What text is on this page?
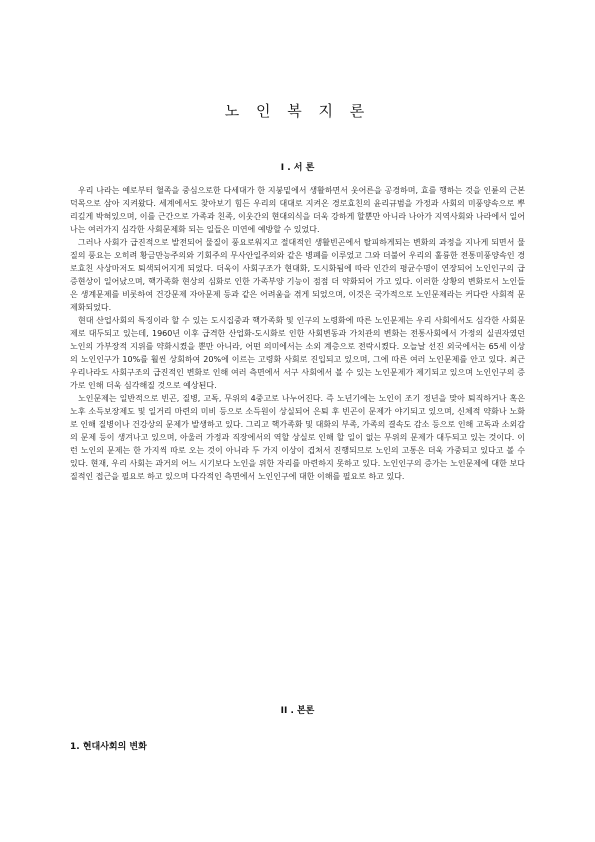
노 인 복 지 론
I . 서 론

우리 나라는 예로부터 혈족을 중심으로한 다세대가 한 지붕밑에서 생활하면서 웃어른을 공경하며, 효를 행하는 것을 인륜의 근본 덕목으로 삼아 지켜왔다. 세계에서도 찾아보기 힘든 우리의 대대로 지켜온 경로효친의 윤리규범을 가정과 사회의 미풍양속으로 뿌리깊게 박혀있으며, 이를 근간으로 가족과 친족, 이웃간의 현대의식을 더욱 강하게 할뿐만 아니라 나아가 지역사회와 나라에서 일어나는 여러가지 심각한 사회문제화 되는 일들은 미연에 예방할 수 있었다.

그러나 사회가 급진적으로 발전되어 물질이 풍요로워지고 절대적인 생활빈곤에서 탈피하게되는 변화의 과정을 지나게 되면서 물질의 풍요는 오히려 황금만능주의와 기회주의 무사안일주의와 같은 병폐를 이루었고 그와 더불어 우리의 훌륭한 전통미풍양속인 경로효친 사상마저도 퇴색되어지게 되었다. 더욱이 사회구조가 현대화, 도시화됨에 따라 인간의 평균수명이 연장되어 노인인구의 급증현상이 일어났으며, 핵가족화 현상의 심화로 인한 가족부양 기능이 점점 더 약화되어 가고 있다. 이러한 상황의 변화로서 노인들은 생계문제를 비롯하여 건강문제 자아문제 등과 같은 어려움을 겪게 되었으며, 이것은 국가적으로 노인문제라는 커다란 사회적 문제화되었다.

현대 산업사회의 특징이라 할 수 있는 도시집중과 핵가족화 및 인구의 노령화에 따른 노인문제는 우리 사회에서도 심각한 사회문제로 대두되고 있는데, 1960년 이후 급격한 산업화-도시화로 인한 사회변동과 가치관의 변화는 전통사회에서 가정의 실권자였던 노인의 가부장적 지위를 약화시켰을 뿐만 아니라, 어떤 의미에서는 소외 계층으로 전락시켰다. 오늘날 선진 외국에서는 65세 이상의 노인인구가 10%를 훨씬 상회하여 20%에 이르는 고령화 사회로 진입되고 있으며, 그에 따른 여러 노인문제를 안고 있다. 최근 우리나라도 사회구조의 급진적인 변화로 인해 여러 측면에서 서구 사회에서 볼 수 있는 노인문제가 제기되고 있으며 노인인구의 증가로 인해 더욱 심각해질 것으로 예상된다.

노인문제는 일반적으로 빈곤, 질병, 고독, 무위의 4중고로 나누어진다. 즉 노년기에는 노인이 조기 정년을 맞아 퇴직하거나 혹은 노후 소득보장제도 및 일거리 마련의 미비 등으로 소득원이 상실되어 은퇴 후 빈곤이 문제가 야기되고 있으며, 신체적 약화나 노화로 인해 질병이나 건강상의 문제가 발생하고 있다. 그리고 핵가족화 및 대화의 부족, 가족의 결속도 감소 등으로 인해 고독과 소외감의 문제 등이 생겨나고 있으며, 아울러 가정과 직장에서의 역할 상실로 인해 할 일이 없는 무위의 문제가 대두되고 있는 것이다. 이런 노인의 문제는 한 가지씩 따로 오는 것이 아니라 두 가지 이상이 겹쳐서 진행되므로 노인의 고통은 더욱 가중되고 있다고 볼 수 있다. 현재, 우리 사회는 과거의 어느 시기보다 노인을 위한 자리를 마련하지 못하고 있다. 노인인구의 증가는 노인문제에 대한 보다 질적인 접근을 필요로 하고 있으며 다각적인 측면에서 노인인구에 대한 이해를 필요로 하고 있다.

II . 본론
1. 현대사회의 변화
